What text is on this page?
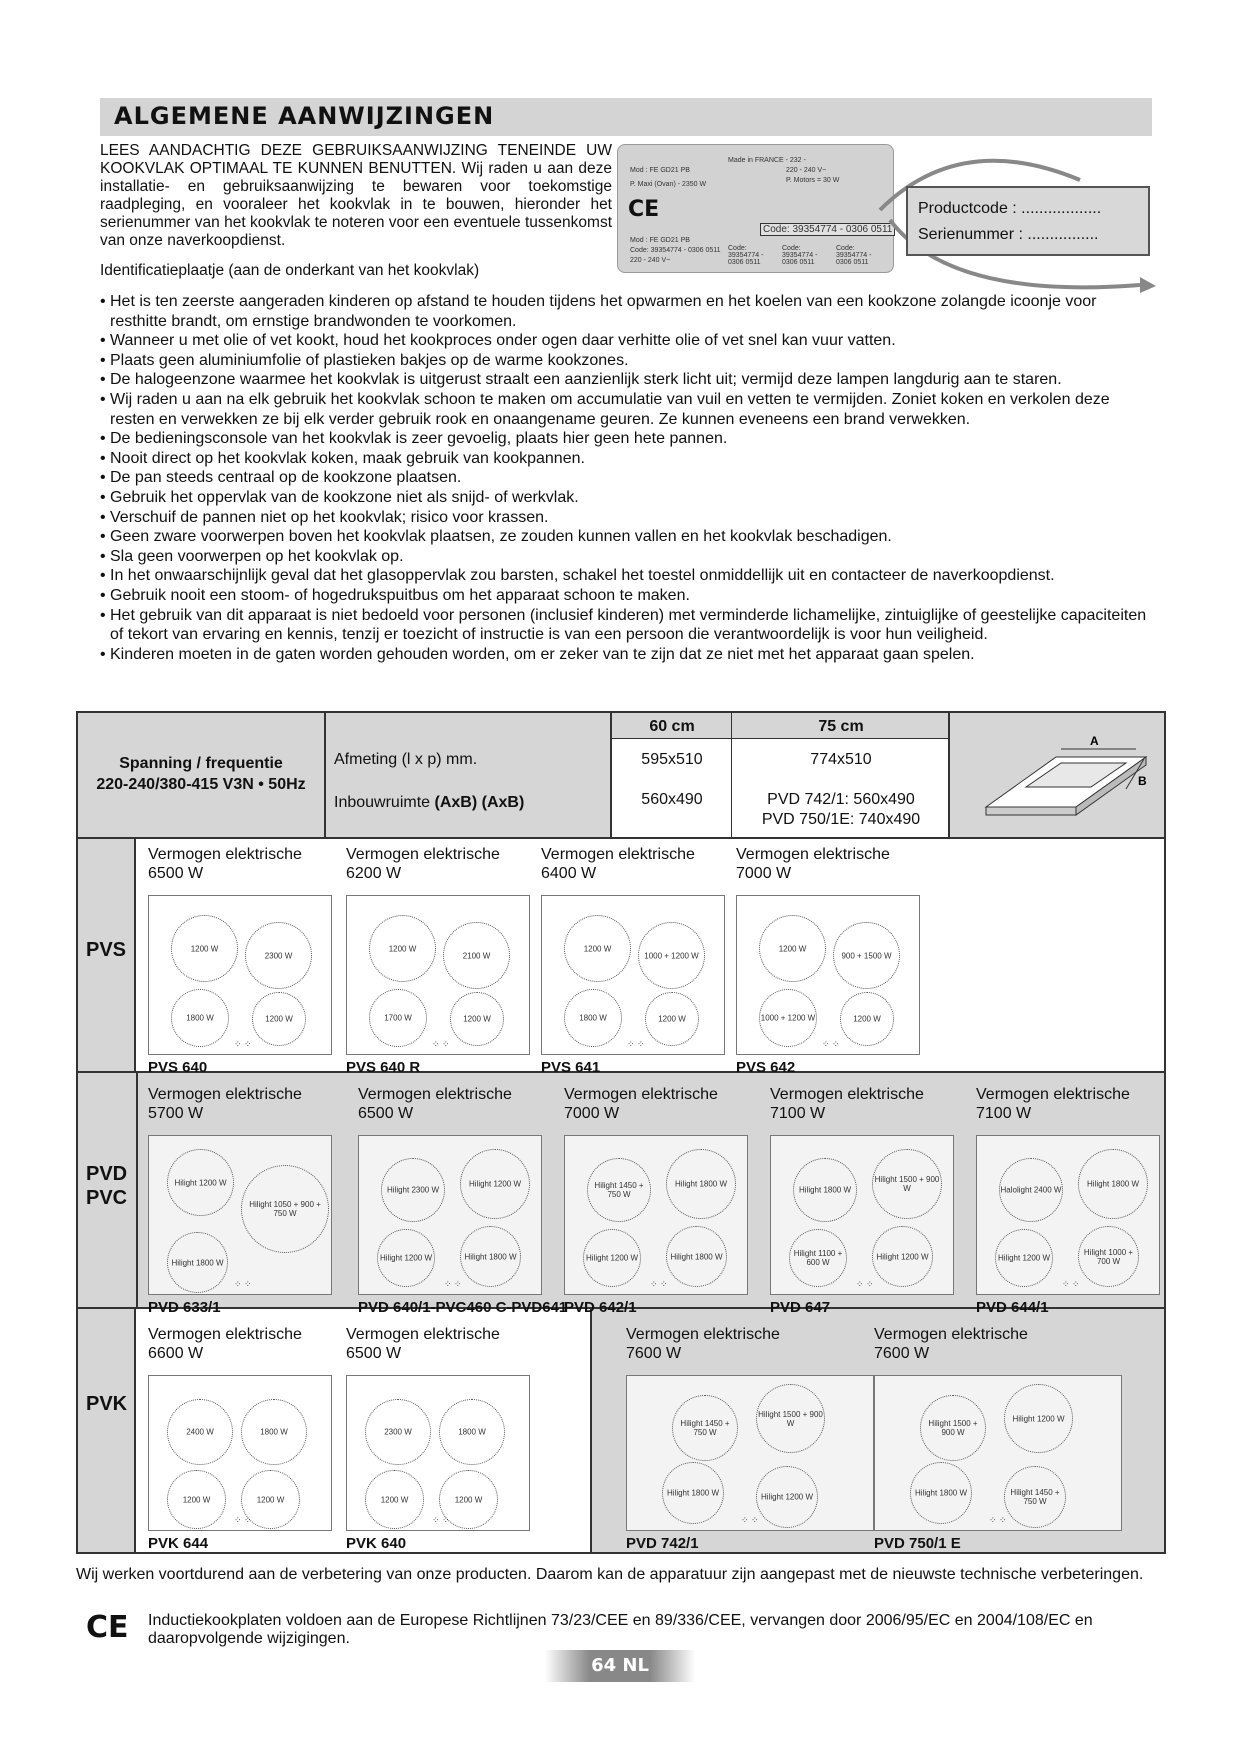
ALGEMENE AANWIJZINGEN

LEES AANDACHTIG DEZE GEBRUIKSAANWIJZING TENEINDE UW KOOKVLAK OPTIMAAL TE KUNNEN BENUTTEN. Wij raden u aan deze installatie- en gebruiksaanwijzing te bewaren voor toekomstige raadpleging, en vooraleer het kookvlak in te bouwen, hieronder het serienummer van het kookvlak te noteren voor een eventuele tussenkomst van onze naverkoopdienst.

Identificatieplaatje (aan de onderkant van het kookvlak)
Made in FRANCE - 232 -
220 - 240 V~
Mod : FE GD21 PB
P. Maxi (Ovan) - 2350 W
P. Motors = 30 W
CE
Code: 39354774 - 0306 0511
Mod : FE GD21 PB
Code: 39354774 - 0306 0511
220 - 240 V~
Code: 39354774 - 0306 0511
Code: 39354774 - 0306 0511
Code: 39354774 - 0306 0511
Productcode : ..................
Serienummer : ................
• Het is ten zeerste aangeraden kinderen op afstand te houden tijdens het opwarmen en het koelen van een kookzone zolangde icoonje voor resthitte brandt, om ernstige brandwonden te voorkomen.
• Wanneer u met olie of vet kookt, houd het kookproces onder ogen daar verhitte olie of vet snel kan vuur vatten.
• Plaats geen aluminiumfolie of plastieken bakjes op de warme kookzones.
• De halogeenzone waarmee het kookvlak is uitgerust straalt een aanzienlijk sterk licht uit; vermijd deze lampen langdurig aan te staren.
• Wij raden u aan na elk gebruik het kookvlak schoon te maken om accumulatie van vuil en vetten te vermijden. Zoniet koken en verkolen deze resten en verwekken ze bij elk verder gebruik rook en onaangename geuren. Ze kunnen eveneens een brand verwekken.
• De bedieningsconsole van het kookvlak is zeer gevoelig, plaats hier geen hete pannen.
• Nooit direct op het kookvlak koken, maak gebruik van kookpannen.
• De pan steeds centraal op de kookzone plaatsen.
• Gebruik het oppervlak van de kookzone niet als snijd- of werkvlak.
• Verschuif de pannen niet op het kookvlak; risico voor krassen.
• Geen zware voorwerpen boven het kookvlak plaatsen, ze zouden kunnen vallen en het kookvlak beschadigen.
• Sla geen voorwerpen op het kookvlak op.
• In het onwaarschijnlijk geval dat het glasoppervlak zou barsten, schakel het toestel onmiddellijk uit en contacteer de naverkoopdienst.
• Gebruik nooit een stoom- of hogedrukspuitbus om het apparaat schoon te maken.
• Het gebruik van dit apparaat is niet bedoeld voor personen (inclusief kinderen) met verminderde lichamelijke, zintuiglijke of geestelijke capaciteiten of tekort van ervaring en kennis, tenzij er toezicht of instructie is van een persoon die verantwoordelijk is voor hun veiligheid.
• Kinderen moeten in de gaten worden gehouden worden, om er zeker van te zijn dat ze niet met het apparaat gaan spelen.
Spanning / frequentie
220-240/380-415 V3N • 50Hz
Afmeting (l x p) mm.
Inbouwruimte (AxB) (AxB)
60 cm	75 cm
595x510	774x510
560x490	PVD 742/1: 560x490
PVD 750/1E: 740x490
A
B
PVS
PVD
PVC
PVK
Vermogen elektrische
6500 W
1200 W
2300 W
1800 W	1200 W
⁘ ⁘
PVS 640
Vermogen elektrische
6200 W
1200 W
2100 W
1700 W	1200 W
⁘ ⁘
PVS 640 R
Vermogen elektrische
6400 W
1200 W
1000 + 1200 W
1800 W	1200 W
⁘ ⁘
PVS 641
Vermogen elektrische
7000 W
1200 W
900 + 1500 W
1000 + 1200 W	1200 W
⁘ ⁘
PVS 642
Vermogen elektrische
5700 W
Hilight 1200 W
Hilight 1050 + 900 + 750 W
Hilight 1800 W
⁘ ⁘
PVD 633/1
Vermogen elektrische
6500 W
Hilight 2300 W
Hilight 1200 W
Hilight 1200 W	Hilight 1800 W
⁘ ⁘
PVD 640/1-PVC460 C-PVD641
Vermogen elektrische
7000 W
Hilight 1450 + 750 W
Hilight 1800 W
Hilight 1200 W	Hilight 1800 W
⁘ ⁘
PVD 642/1
Vermogen elektrische
7100 W
Hilight 1800 W
Hilight 1500 + 900 W
Hilight 1100 + 600 W
Hilight 1200 W
⁘ ⁘
PVD 647
Vermogen elektrische
7100 W
Halolight 2400 W
Hilight 1800 W
Hilight 1200 W
Hilight 1000 + 700 W
⁘ ⁘
PVD 644/1
Vermogen elektrische
6600 W
2400 W	1800 W
1200 W	1200 W
⁘ ⁘
PVK 644
Vermogen elektrische
6500 W
2300 W	1800 W
1200 W	1200 W
⁘ ⁘
PVK 640
Vermogen elektrische
7600 W
Hilight 1450 + 750 W
Hilight 1500 + 900 W
Hilight 1800 W	Hilight 1200 W
⁘ ⁘
PVD 742/1
Vermogen elektrische
7600 W
Hilight 1500 + 900 W
Hilight 1200 W
Hilight 1800 W	Hilight 1450 + 750 W
⁘ ⁘
PVD 750/1 E
Wij werken voortdurend aan de verbetering van onze producten. Daarom kan de apparatuur zijn aangepast met de nieuwste technische verbeteringen.
CE Inductiekookplaten voldoen aan de Europese Richtlijnen 73/23/CEE en 89/336/CEE, vervangen door 2006/95/EC en 2004/108/EC en daaropvolgende wijzigingen.
64 NL
